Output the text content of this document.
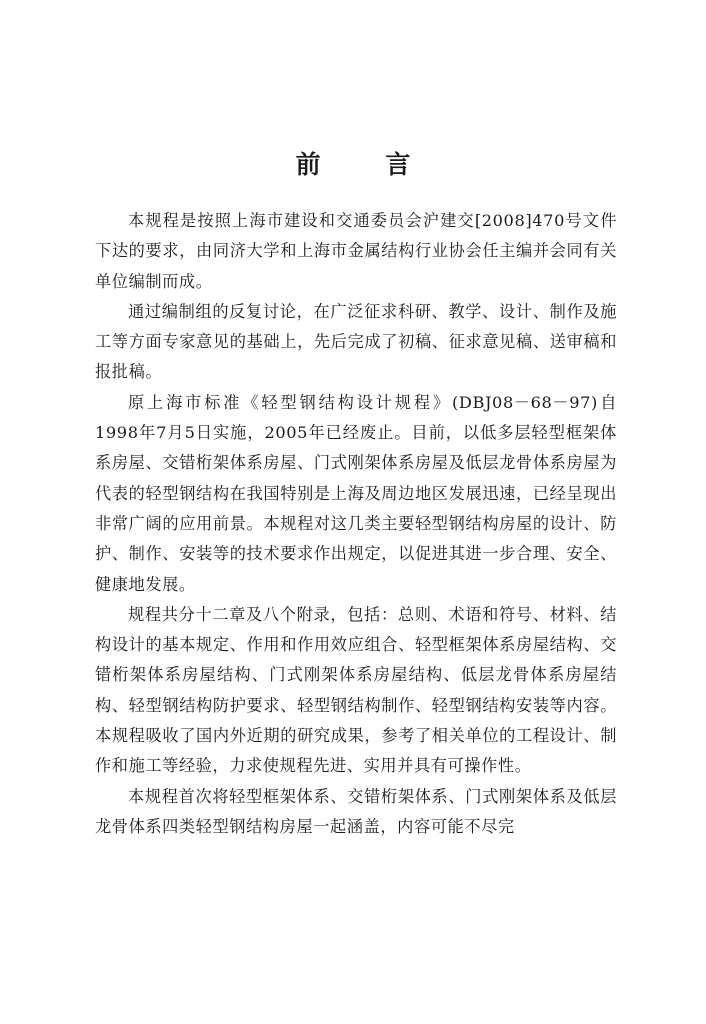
前 言

本规程是按照上海市建设和交通委员会沪建交[2008]470号文件下达的要求，由同济大学和上海市金属结构行业协会任主编并会同有关单位编制而成。

通过编制组的反复讨论，在广泛征求科研、教学、设计、制作及施工等方面专家意见的基础上，先后完成了初稿、征求意见稿、送审稿和报批稿。

原上海市标准《轻型钢结构设计规程》(DBJ08－68－97)自1998年7月5日实施，2005年已经废止。目前，以低多层轻型框架体系房屋、交错桁架体系房屋、门式刚架体系房屋及低层龙骨体系房屋为代表的轻型钢结构在我国特别是上海及周边地区发展迅速，已经呈现出非常广阔的应用前景。本规程对这几类主要轻型钢结构房屋的设计、防护、制作、安装等的技术要求作出规定，以促进其进一步合理、安全、健康地发展。

规程共分十二章及八个附录，包括：总则、术语和符号、材料、结构设计的基本规定、作用和作用效应组合、轻型框架体系房屋结构、交错桁架体系房屋结构、门式刚架体系房屋结构、低层龙骨体系房屋结构、轻型钢结构防护要求、轻型钢结构制作、轻型钢结构安装等内容。本规程吸收了国内外近期的研究成果，参考了相关单位的工程设计、制作和施工等经验，力求使规程先进、实用并具有可操作性。

本规程首次将轻型框架体系、交错桁架体系、门式刚架体系及低层龙骨体系四类轻型钢结构房屋一起涵盖，内容可能不尽完
